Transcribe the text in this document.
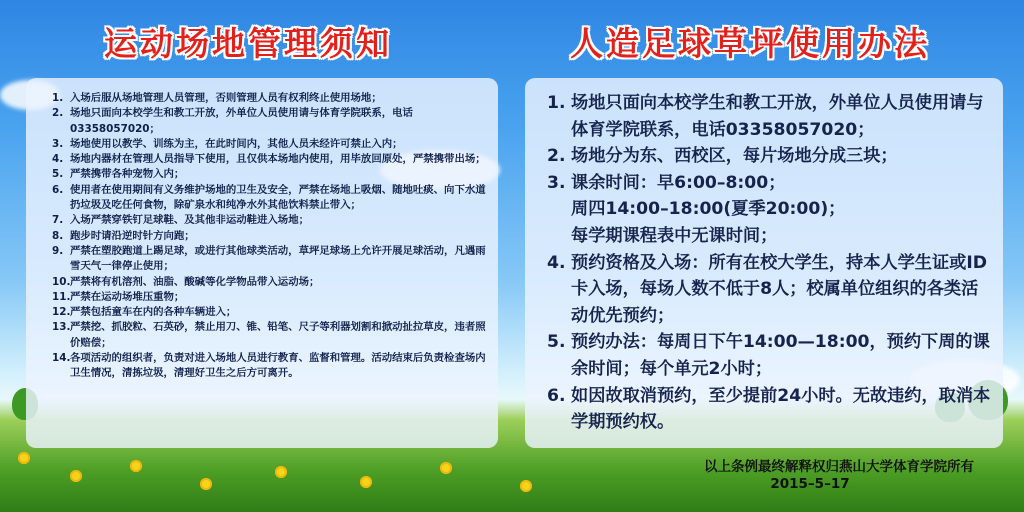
运动场地管理须知	人造足球草坪使用办法
1. 入场后服从场地管理人员管理，否则管理人员有权利终止使用场地；
2. 场地只面向本校学生和教工开放，外单位人员使用请与体育学院联系，电话03358057020；
3. 场地使用以教学、训练为主，在此时间内，其他人员未经许可禁止入内；
4. 场地内器材在管理人员指导下使用，且仅供本场地内使用，用毕放回原处，严禁携带出场；
5. 严禁携带各种宠物入内；
6. 使用者在使用期间有义务维护场地的卫生及安全，严禁在场地上吸烟、随地吐痰、向下水道扔垃圾及吃任何食物，除矿泉水和纯净水外其他饮料禁止带入；
7. 入场严禁穿铁钉足球鞋、及其他非运动鞋进入场地；
8. 跑步时请沿逆时针方向跑；
9. 严禁在塑胶跑道上踢足球，或进行其他球类活动，草坪足球场上允许开展足球活动，凡遇雨雪天气一律停止使用；
10. 严禁将有机溶剂、油脂、酸碱等化学物品带入运动场；
11. 严禁在运动场堆压重物；
12. 严禁包括童车在内的各种车辆进入；
13. 严禁挖、抓胶粒、石英砂，禁止用刀、锥、铅笔、尺子等利器划割和掀动扯拉草皮，违者照价赔偿；
14. 各项活动的组织者，负责对进入场地人员进行教育、监督和管理。活动结束后负责检查场内卫生情况，清拣垃圾，清理好卫生之后方可离开。
1. 场地只面向本校学生和教工开放，外单位人员使用请与体育学院联系，电话03358057020；
2. 场地分为东、西校区，每片场地分成三块；
3. 课余时间：早6:00–8:00；
周四14:00–18:00(夏季20:00)；
每学期课程表中无课时间；
4. 预约资格及入场：所有在校大学生，持本人学生证或ID卡入场，每场人数不低于8人；校属单位组织的各类活动优先预约；
5. 预约办法：每周日下午14:00—18:00，预约下周的课余时间；每个单元2小时；
6. 如因故取消预约，至少提前24小时。无故违约，取消本学期预约权。
以上条例最终解释权归燕山大学体育学院所有
2015–5–17
